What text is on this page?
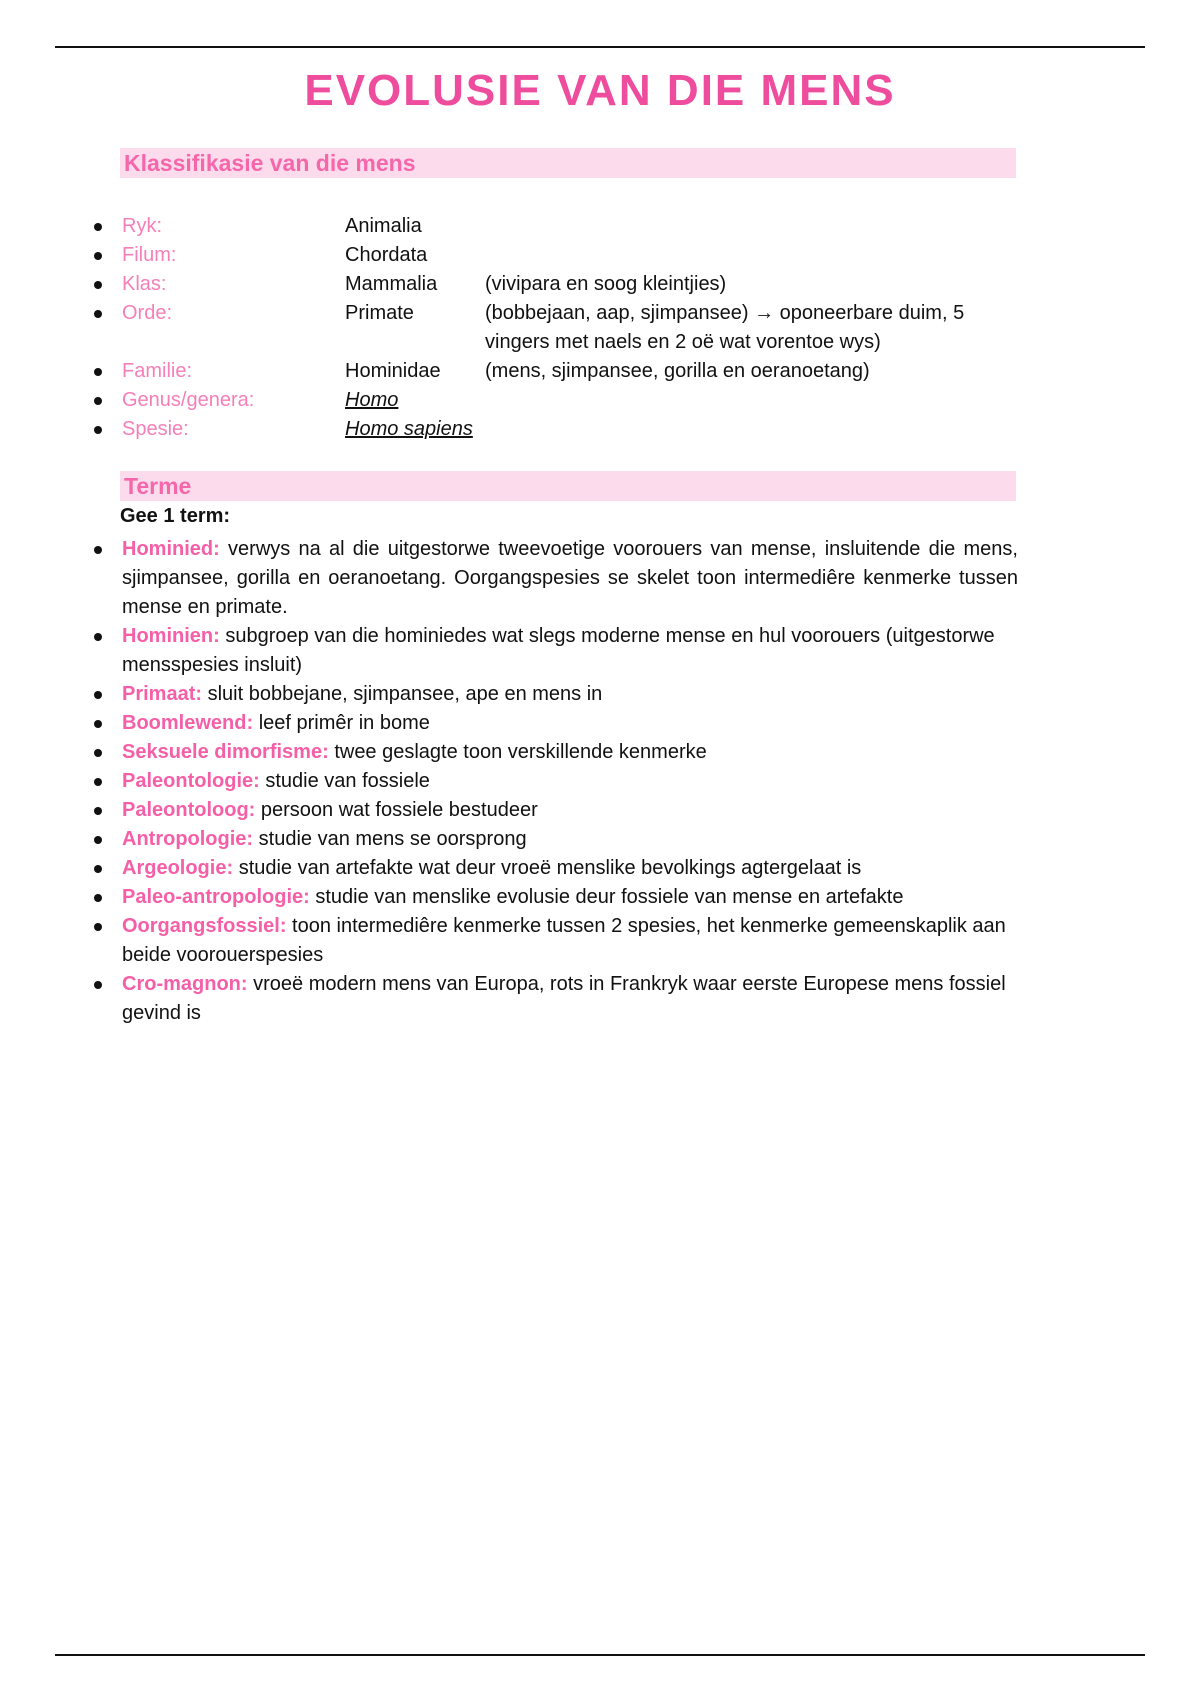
EVOLUSIE VAN DIE MENS
Klassifikasie van die mens
Ryk:	Animalia
Filum:	Chordata
Klas:	Mammalia	(vivipara en soog kleintjies)
Orde:	Primate	(bobbejaan, aap, sjimpansee) → oponeerbare duim, 5 vingers met naels en 2 oë wat vorentoe wys)
Familie:	Hominidae	(mens, sjimpansee, gorilla en oeranoetang)
Genus/genera:	Homo
Spesie:	Homo sapiens
Terme
Gee 1 term:

Hominied: verwys na al die uitgestorwe tweevoetige voorouers van mense, insluitende die mens, sjimpansee, gorilla en oeranoetang. Oorgangspesies se skelet toon intermediêre kenmerke tussen mense en primate.

Hominien: subgroep van die hominiedes wat slegs moderne mense en hul voorouers (uitgestorwe mensspesies insluit)

Primaat: sluit bobbejane, sjimpansee, ape en mens in

Boomlewend: leef primêr in bome

Seksuele dimorfisme: twee geslagte toon verskillende kenmerke

Paleontologie: studie van fossiele

Paleontoloog: persoon wat fossiele bestudeer

Antropologie: studie van mens se oorsprong

Argeologie: studie van artefakte wat deur vroeë menslike bevolkings agtergelaat is

Paleo-antropologie: studie van menslike evolusie deur fossiele van mense en artefakte

Oorgangsfossiel: toon intermediêre kenmerke tussen 2 spesies, het kenmerke gemeenskaplik aan beide voorouerspesies

Cro-magnon: vroeë modern mens van Europa, rots in Frankryk waar eerste Europese mens fossiel gevind is
